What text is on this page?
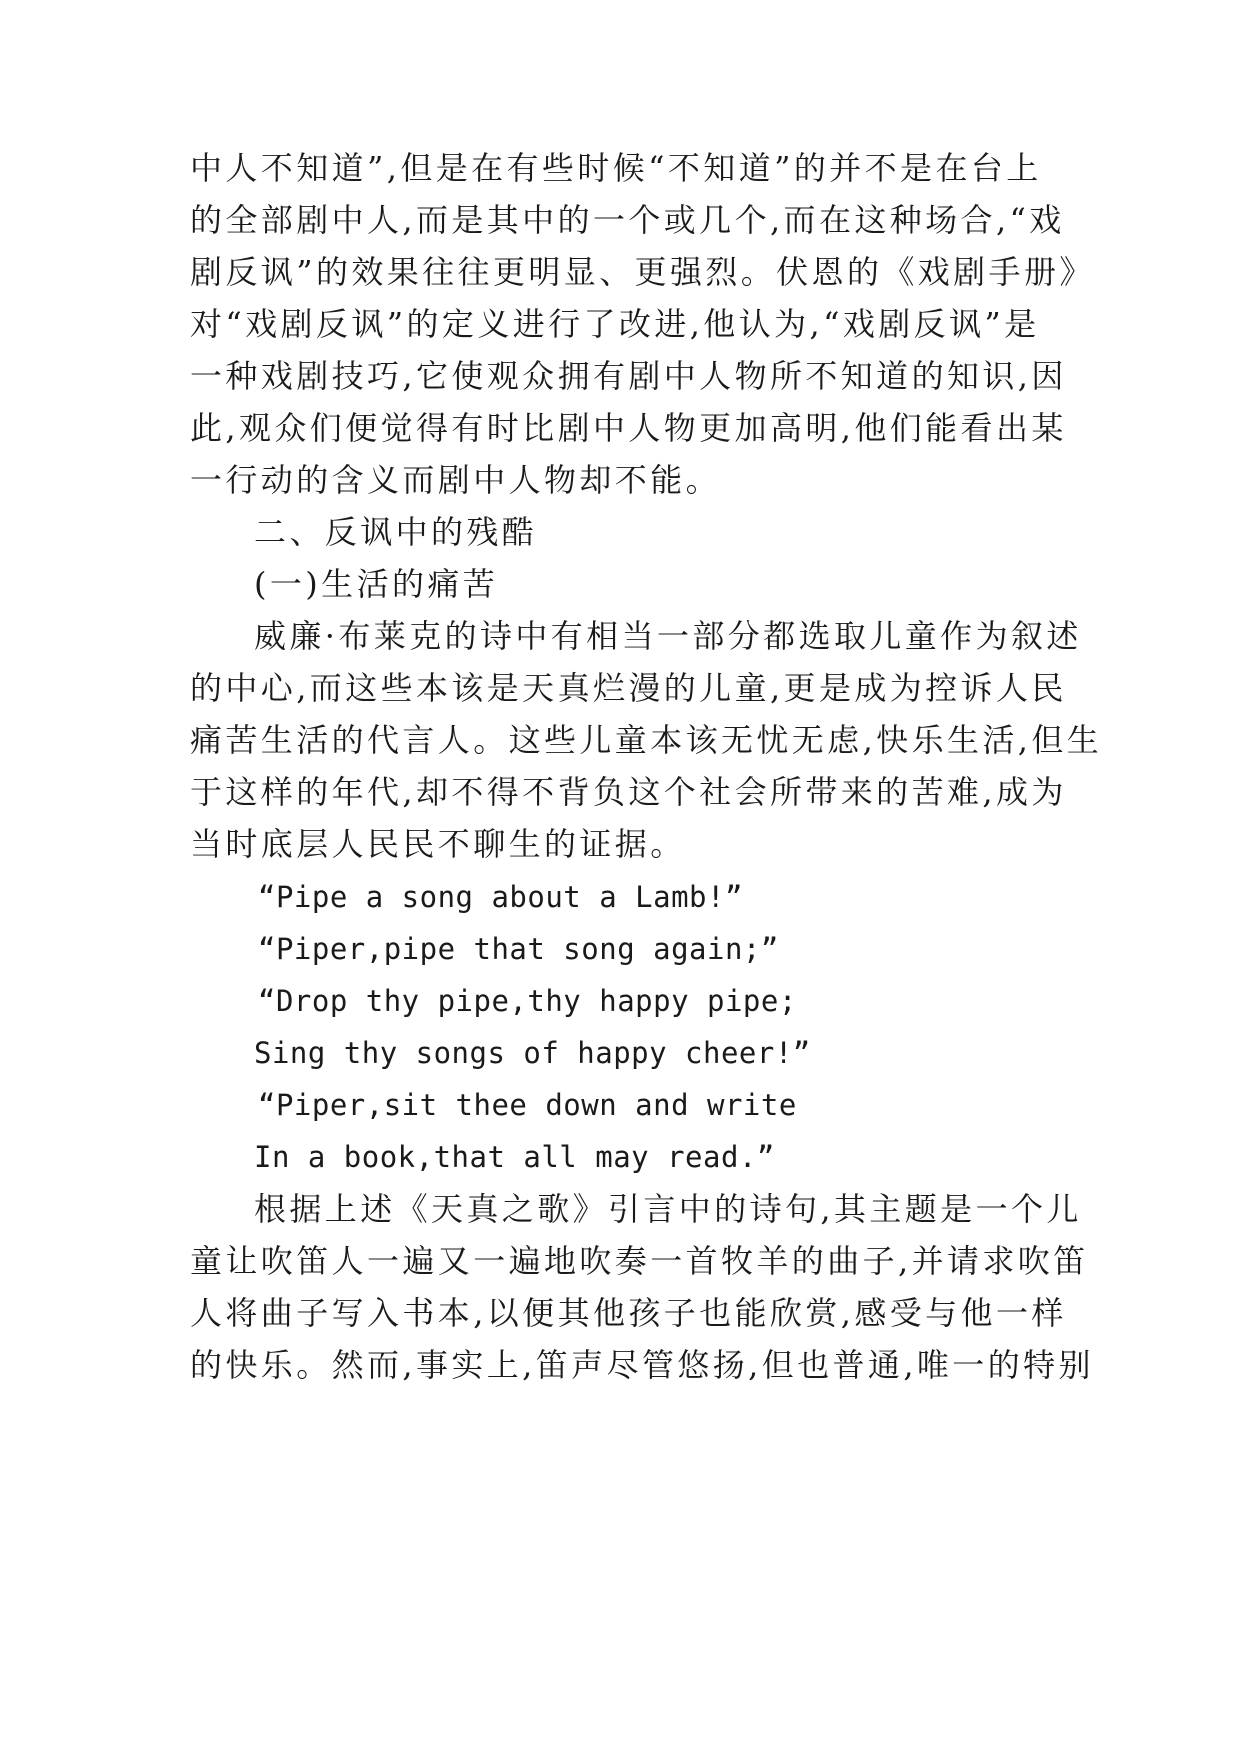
中人不知道”,但是在有些时候“不知道”的并不是在台上
的全部剧中人,而是其中的一个或几个,而在这种场合,“戏
剧反讽”的效果往往更明显、更强烈。伏恩的《戏剧手册》
对“戏剧反讽”的定义进行了改进,他认为,“戏剧反讽”是
一种戏剧技巧,它使观众拥有剧中人物所不知道的知识,因
此,观众们便觉得有时比剧中人物更加高明,他们能看出某
一行动的含义而剧中人物却不能。
二、反讽中的残酷
(一)生活的痛苦
威廉·布莱克的诗中有相当一部分都选取儿童作为叙述
的中心,而这些本该是天真烂漫的儿童,更是成为控诉人民
痛苦生活的代言人。这些儿童本该无忧无虑,快乐生活,但生
于这样的年代,却不得不背负这个社会所带来的苦难,成为
当时底层人民民不聊生的证据。
“Pipe a song about a Lamb!”
“Piper,pipe that song again;”
“Drop thy pipe,thy happy pipe;
Sing thy songs of happy cheer!”
“Piper,sit thee down and write
In a book,that all may read.”
根据上述《天真之歌》引言中的诗句,其主题是一个儿
童让吹笛人一遍又一遍地吹奏一首牧羊的曲子,并请求吹笛
人将曲子写入书本,以便其他孩子也能欣赏,感受与他一样
的快乐。然而,事实上,笛声尽管悠扬,但也普通,唯一的特别
